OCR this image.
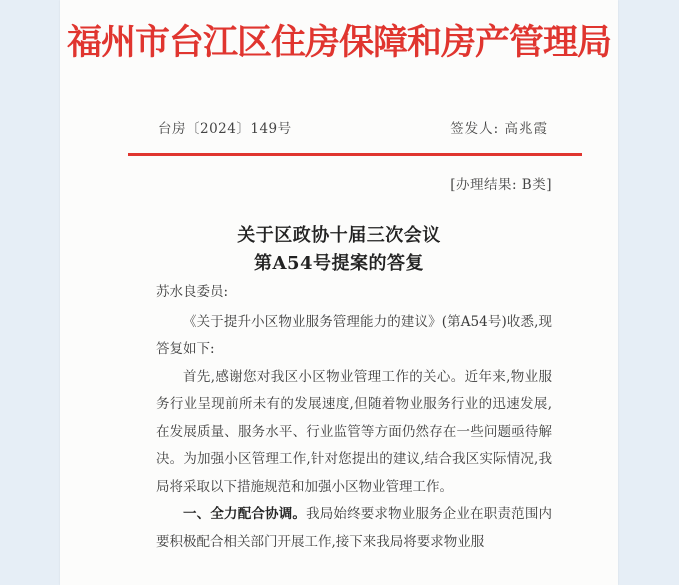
福州市台江区住房保障和房产管理局
台房〔2024〕149号	签发人: 高兆霞
[办理结果: B类]
关于区政协十届三次会议
第A54号提案的答复

苏水良委员:

《关于提升小区物业服务管理能力的建议》(第A54号)收悉,现答复如下:

首先,感谢您对我区小区物业管理工作的关心。近年来,物业服务行业呈现前所未有的发展速度,但随着物业服务行业的迅速发展,在发展质量、服务水平、行业监管等方面仍然存在一些问题亟待解决。为加强小区管理工作,针对您提出的建议,结合我区实际情况,我局将采取以下措施规范和加强小区物业管理工作。

一、全力配合协调。我局始终要求物业服务企业在职责范围内要积极配合相关部门开展工作,接下来我局将要求物业服
